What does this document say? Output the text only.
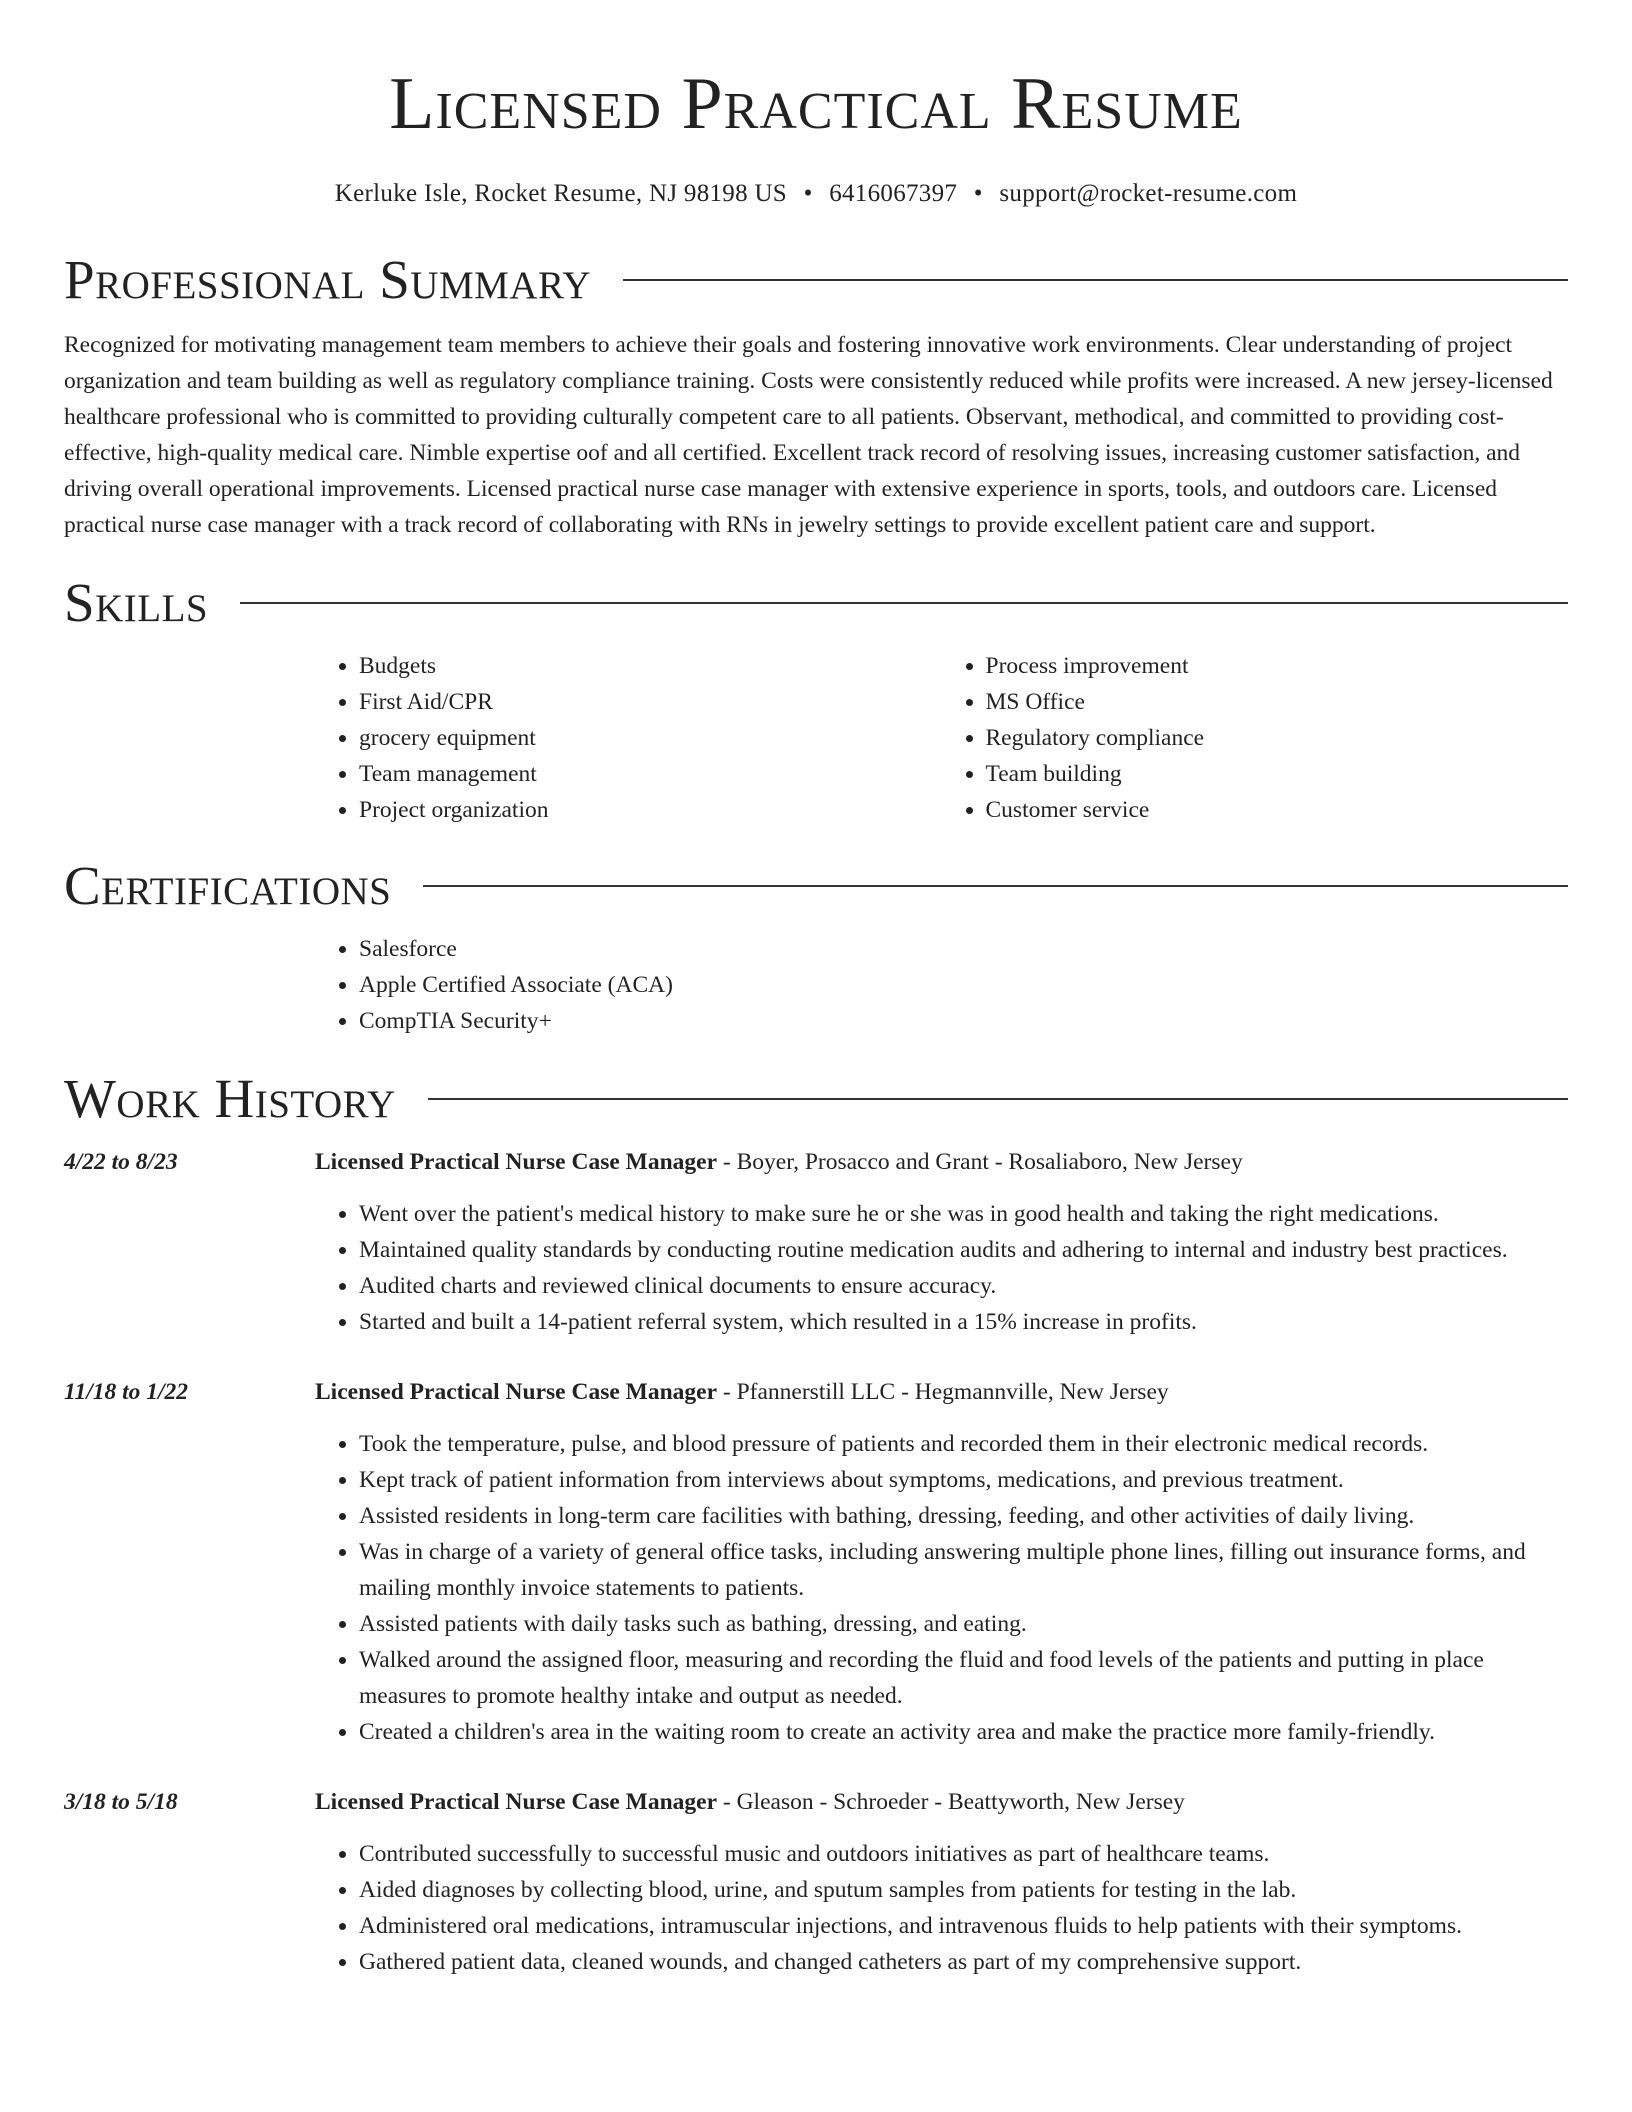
Licensed Practical Resume
Kerluke Isle, Rocket Resume, NJ 98198 US • 6416067397 • support@rocket-resume.com
Professional Summary

Recognized for motivating management team members to achieve their goals and fostering innovative work environments. Clear understanding of project organization and team building as well as regulatory compliance training. Costs were consistently reduced while profits were increased. A new jersey-licensed healthcare professional who is committed to providing culturally competent care to all patients. Observant, methodical, and committed to providing cost-effective, high-quality medical care. Nimble expertise oof and all certified. Excellent track record of resolving issues, increasing customer satisfaction, and driving overall operational improvements. Licensed practical nurse case manager with extensive experience in sports, tools, and outdoors care. Licensed practical nurse case manager with a track record of collaborating with RNs in jewelry settings to provide excellent patient care and support.

Skills
• Budgets
• First Aid/CPR
• grocery equipment
• Team management
• Project organization
• Process improvement
• MS Office
• Regulatory compliance
• Team building
• Customer service
Certifications
• Salesforce
• Apple Certified Associate (ACA)
• CompTIA Security+
Work History
4/22 to 8/23	Licensed Practical Nurse Case Manager - Boyer, Prosacco and Grant - Rosaliaboro, New Jersey
• Went over the patient's medical history to make sure he or she was in good health and taking the right medications.
• Maintained quality standards by conducting routine medication audits and adhering to internal and industry best practices.
• Audited charts and reviewed clinical documents to ensure accuracy.
• Started and built a 14-patient referral system, which resulted in a 15% increase in profits.
11/18 to 1/22	Licensed Practical Nurse Case Manager - Pfannerstill LLC - Hegmannville, New Jersey
• Took the temperature, pulse, and blood pressure of patients and recorded them in their electronic medical records.
• Kept track of patient information from interviews about symptoms, medications, and previous treatment.
• Assisted residents in long-term care facilities with bathing, dressing, feeding, and other activities of daily living.
• Was in charge of a variety of general office tasks, including answering multiple phone lines, filling out insurance forms, and mailing monthly invoice statements to patients.
• Assisted patients with daily tasks such as bathing, dressing, and eating.
• Walked around the assigned floor, measuring and recording the fluid and food levels of the patients and putting in place measures to promote healthy intake and output as needed.
• Created a children's area in the waiting room to create an activity area and make the practice more family-friendly.
3/18 to 5/18	Licensed Practical Nurse Case Manager - Gleason - Schroeder - Beattyworth, New Jersey
• Contributed successfully to successful music and outdoors initiatives as part of healthcare teams.
• Aided diagnoses by collecting blood, urine, and sputum samples from patients for testing in the lab.
• Administered oral medications, intramuscular injections, and intravenous fluids to help patients with their symptoms.
• Gathered patient data, cleaned wounds, and changed catheters as part of my comprehensive support.
